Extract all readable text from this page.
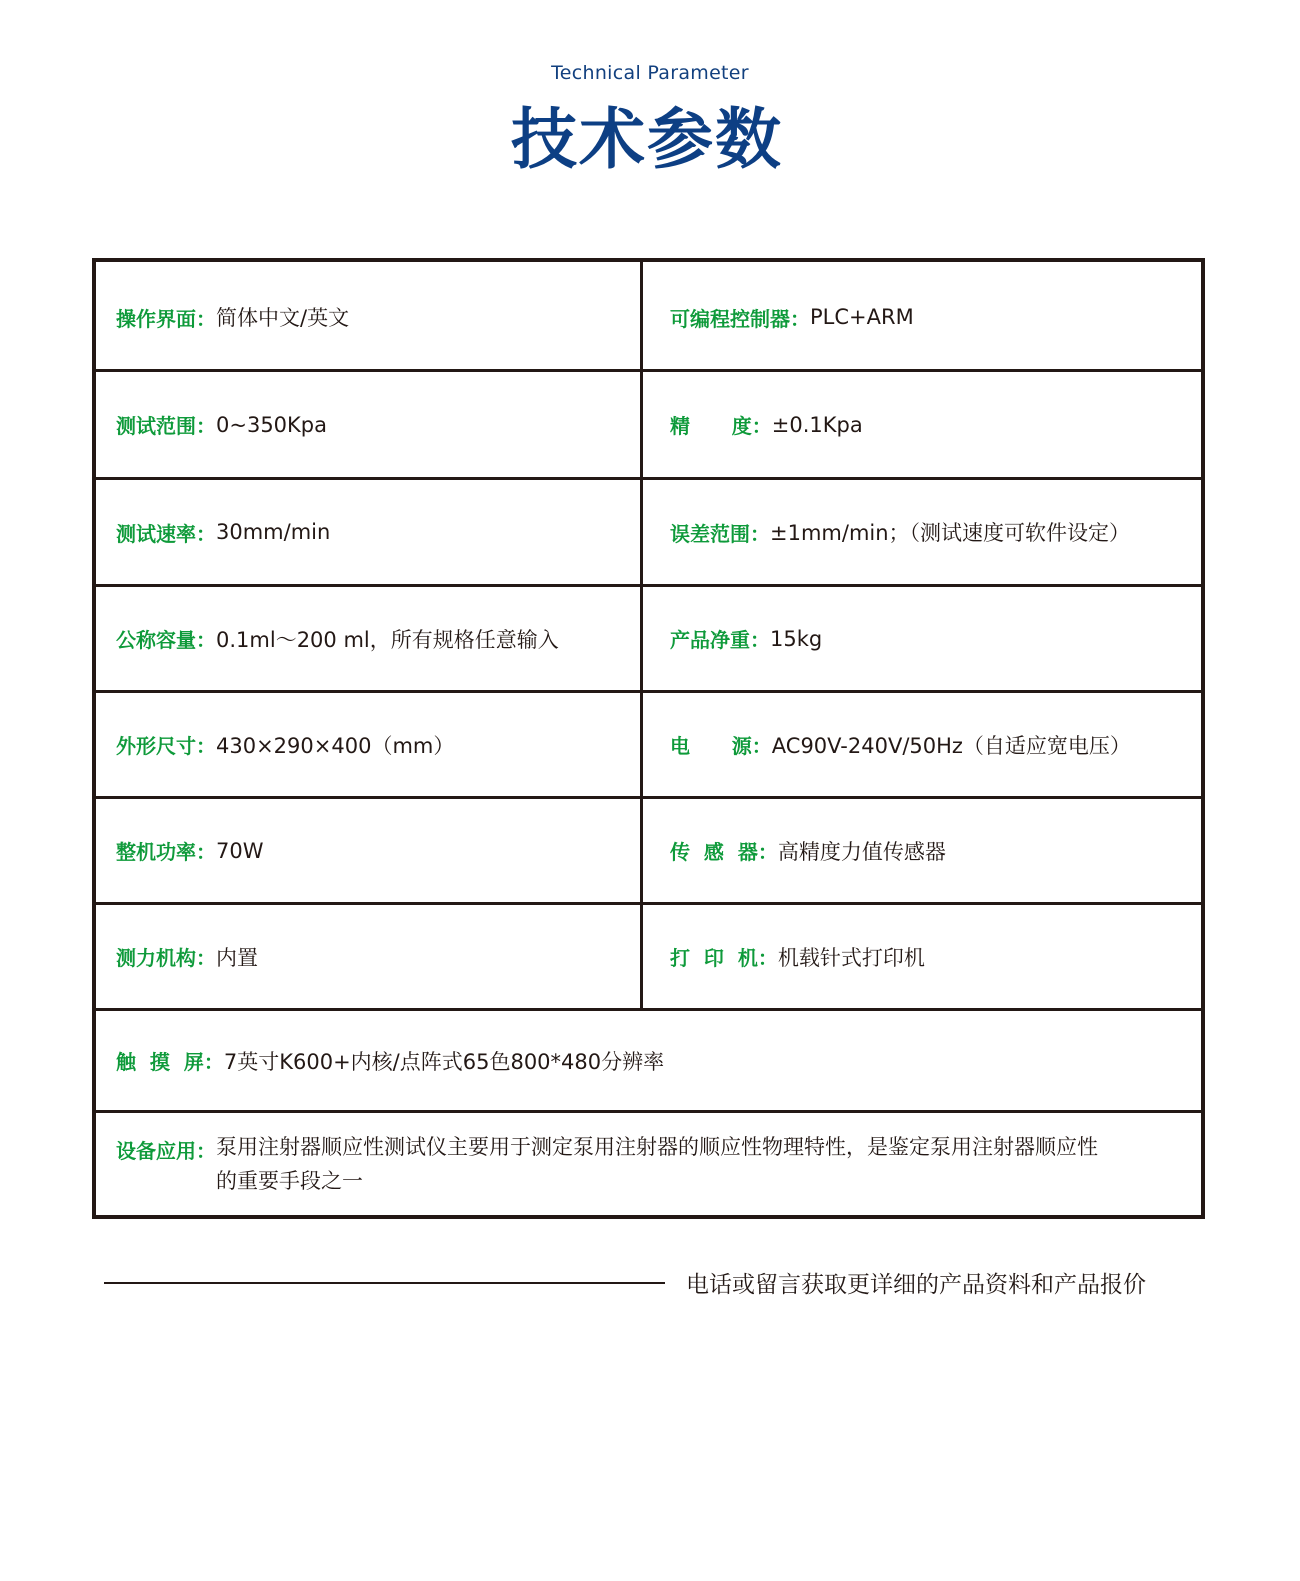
Technical Parameter
技术参数
操作界面： 简体中文/英文	可编程控制器： PLC+ARM
测试范围： 0~350Kpa	精      度： ±0.1Kpa
测试速率： 30mm/min	误差范围： ±1mm/min；（测试速度可软件设定）
公称容量： 0.1ml～200 ml，所有规格任意输入	产品净重： 15kg
外形尺寸： 430×290×400（mm）	电      源： AC90V-240V/50Hz（自适应宽电压）
整机功率： 70W	传  感  器： 高精度力值传感器
测力机构： 内置	打  印  机： 机载针式打印机
触  摸  屏： 7英寸K600+内核/点阵式65色800*480分辨率
设备应用： 泵用注射器顺应性测试仪主要用于测定泵用注射器的顺应性物理特性，是鉴定泵用注射器顺应性的重要手段之一
电话或留言获取更详细的产品资料和产品报价
